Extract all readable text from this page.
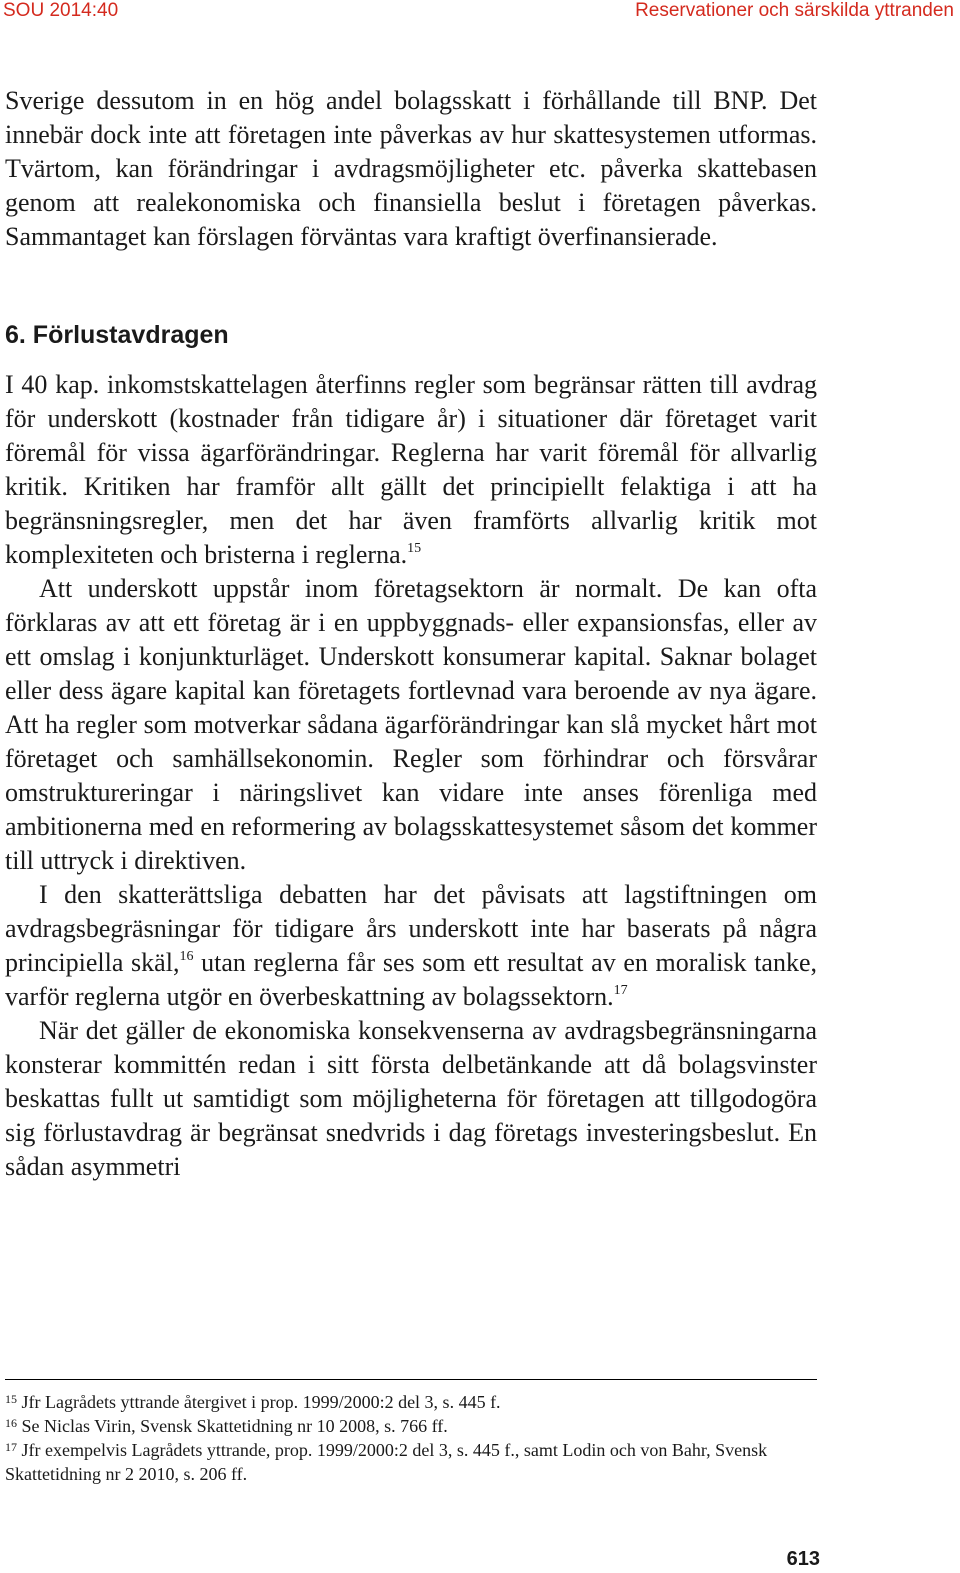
SOU 2014:40	Reservationer och särskilda yttranden

Sverige dessutom in en hög andel bolagsskatt i förhållande till BNP. Det innebär dock inte att företagen inte påverkas av hur skattesystemen utformas. Tvärtom, kan förändringar i avdragsmöjligheter etc. påverka skattebasen genom att realekonomiska och finansiella beslut i företagen påverkas. Sammantaget kan förslagen förväntas vara kraftigt överfinansierade.

6. Förlustavdragen

I 40 kap. inkomstskattelagen återfinns regler som begränsar rätten till avdrag för underskott (kostnader från tidigare år) i situationer där företaget varit föremål för vissa ägarförändringar. Reglerna har varit föremål för allvarlig kritik. Kritiken har framför allt gällt det principiellt felaktiga i att ha begränsningsregler, men det har även framförts allvarlig kritik mot komplexiteten och bristerna i reglerna.$^{15}$

Att underskott uppstår inom företagsektorn är normalt. De kan ofta förklaras av att ett företag är i en uppbyggnads- eller expansionsfas, eller av ett omslag i konjunkturläget. Underskott konsumerar kapital. Saknar bolaget eller dess ägare kapital kan företagets fortlevnad vara beroende av nya ägare. Att ha regler som motverkar sådana ägarförändringar kan slå mycket hårt mot företaget och samhällsekonomin. Regler som förhindrar och försvårar omstruktureringar i näringslivet kan vidare inte anses förenliga med ambitionerna med en reformering av bolagsskattesystemet såsom det kommer till uttryck i direktiven.

I den skatterättsliga debatten har det påvisats att lagstiftningen om avdragsbegräsningar för tidigare års underskott inte har baserats på några principiella skäl,$^{16}$ utan reglerna får ses som ett resultat av en moralisk tanke, varför reglerna utgör en överbeskattning av bolagssektorn.$^{17}$

När det gäller de ekonomiska konsekvenserna av avdragsbegränsningarna konsterar kommittén redan i sitt första delbetänkande att då bolagsvinster beskattas fullt ut samtidigt som möjligheterna för företagen att tillgodogöra sig förlustavdrag är begränsat snedvrids i dag företags investeringsbeslut. En sådan asymmetri

$^{15}$ Jfr Lagrådets yttrande återgivet i prop. 1999/2000:2 del 3, s. 445 f.

$^{16}$ Se Niclas Virin, Svensk Skattetidning nr 10 2008, s. 766 ff.

$^{17}$ Jfr exempelvis Lagrådets yttrande, prop. 1999/2000:2 del 3, s. 445 f., samt Lodin och von Bahr, Svensk Skattetidning nr 2 2010, s. 206 ff.

613
